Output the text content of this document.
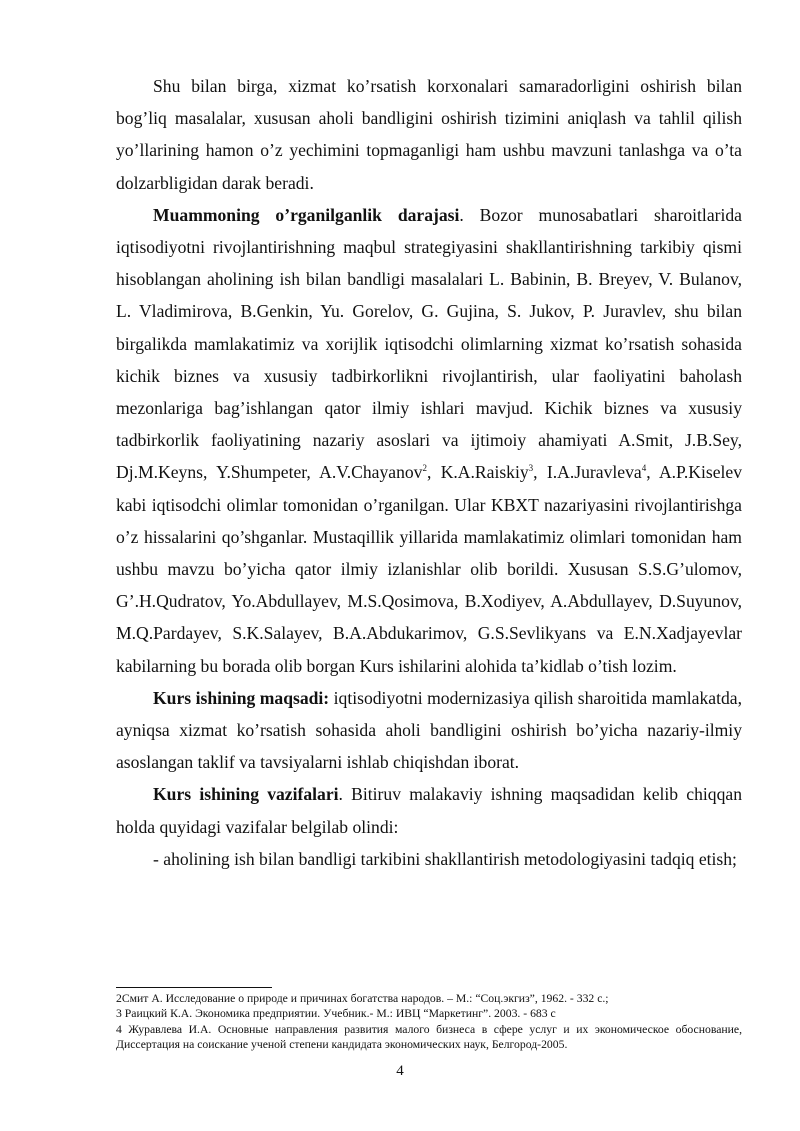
Shu bilan birga, xizmat ko’rsatish korxonalari samaradorligini oshirish bilan bog’liq masalalar, xususan aholi bandligini oshirish tizimini aniqlash va tahlil qilish yo’llarining hamon o’z yechimini topmaganligi ham ushbu mavzuni tanlashga va o’ta dolzarbligidan darak beradi.

Muammoning o’rganilganlik darajasi. Bozor munosabatlari sharoitlarida iqtisodiyotni rivojlantirishning maqbul strategiyasini shakllantirishning tarkibiy qismi hisoblangan aholining ish bilan bandligi masalalari L. Babinin, B. Breyev, V. Bulanov, L. Vladimirova, B.Genkin, Yu. Gorelov, G. Gujina, S. Jukov, P. Juravlev, shu bilan birgalikda mamlakatimiz va xorijlik iqtisodchi olimlarning xizmat ko’rsatish sohasida kichik biznes va xususiy tadbirkorlikni rivojlantirish, ular faoliyatini baholash mezonlariga bag’ishlangan qator ilmiy ishlari mavjud. Kichik biznes va xususiy tadbirkorlik faoliyatining nazariy asoslari va ijtimoiy ahamiyati A.Smit, J.B.Sey, Dj.M.Keyns, Y.Shumpeter, A.V.Chayanov$^2$, K.A.Raiskiy$^3$, I.A.Juravleva$^4$, A.P.Kiselev kabi iqtisodchi olimlar tomonidan o’rganilgan. Ular KBXT nazariyasini rivojlantirishga o’z hissalarini qo’shganlar. Mustaqillik yillarida mamlakatimiz olimlari tomonidan ham ushbu mavzu bo’yicha qator ilmiy izlanishlar olib borildi. Xususan S.S.G’ulomov, G’.H.Qudratov, Yo.Abdullayev, M.S.Qosimova, B.Xodiyev, A.Abdullayev, D.Suyunov, M.Q.Pardayev, S.K.Salayev, B.A.Abdukarimov, G.S.Sevlikyans va E.N.Xadjayevlar kabilarning bu borada olib borgan Kurs ishilarini alohida ta’kidlab o’tish lozim.

Kurs ishining maqsadi: iqtisodiyotni modernizasiya qilish sharoitida mamlakatda, ayniqsa xizmat ko’rsatish sohasida aholi bandligini oshirish bo’yicha nazariy-ilmiy asoslangan taklif va tavsiyalarni ishlab chiqishdan iborat.

Kurs ishining vazifalari. Bitiruv malakaviy ishning maqsadidan kelib chiqqan holda quyidagi vazifalar belgilab olindi:

- aholining ish bilan bandligi tarkibini shakllantirish metodologiyasini tadqiq etish;

2Смит А. Исследование о природе и причинах богатства народов. – М.: “Соц.экгиз”, 1962. - 332 с.;
3 Раицкий К.А. Экономика предприятии. Учебник.- М.: ИВЦ “Маркетинг”. 2003. - 683 с
4 Журавлева И.А. Основные направления развития малого бизнеса в сфере услуг и их экономическое обоснование, Диссертация на соискание ученой степени кандидата экономических наук, Белгород-2005.
4
